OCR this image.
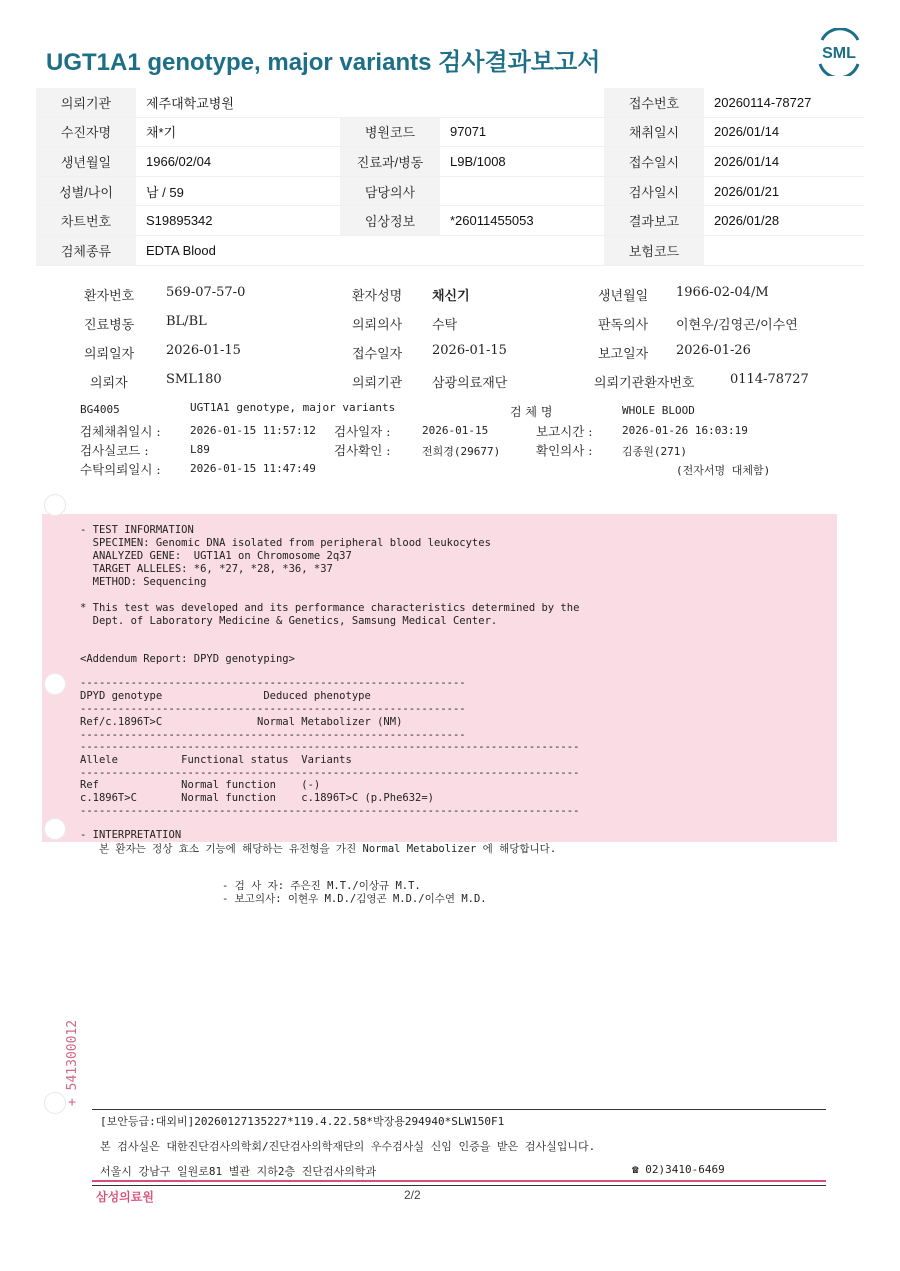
UGT1A1 genotype, major variants 검사결과보고서	SML
의뢰기관	제주대학교병원			접수번호	20260114-78727
수진자명	채*기	병원코드	97071	채취일시	2026/01/14
생년월일	1966/02/04	진료과/병동	L9B/1008	접수일시	2026/01/14
성별/나이	남 / 59	담당의사		검사일시	2026/01/21
차트번호	S19895342	임상정보	*26011455053	결과보고	2026/01/28
검체종류	EDTA Blood			보험코드	
환자번호 569-07-57-0	환자성명 채신기	생년월일 1966-02-04/M
진료병동 BL/BL	의뢰의사 수탁	판독의사 이현우/김영곤/이수연
의뢰일자 2026-01-15	접수일자 2026-01-15	보고일자 2026-01-26
의뢰자	SML180	의뢰기관 삼광의료재단	의뢰기관환자번호	0114-78727
BG4005	UGT1A1 genotype, major variants	검 체 명	WHOLE BLOOD
검체채취일시 :	2026-01-15 11:57:12 검사일자 :	2026-01-15	보고시간 :	2026-01-26 16:03:19
검사실코드 :	L89	검사확인 :	전희경(29677)	확인의사 :	김종원(271)
수탁의뢰일시 :	2026-01-15 11:47:49	(전자서명 대체함)
- TEST INFORMATION
SPECIMEN: Genomic DNA isolated from peripheral blood leukocytes
ANALYZED GENE:  UGT1A1 on Chromosome 2q37
TARGET ALLELES: *6, *27, *28, *36, *37
METHOD: Sequencing
* This test was developed and its performance characteristics determined by the
Dept. of Laboratory Medicine & Genetics, Samsung Medical Center.
<Addendum Report: DPYD genotyping>
-------------------------------------------------------------
DPYD genotype                Deduced phenotype
-------------------------------------------------------------
Ref/c.1896T>C               Normal Metabolizer (NM)
-------------------------------------------------------------
-------------------------------------------------------------------------------
Allele          Functional status  Variants
-------------------------------------------------------------------------------
Ref             Normal function    (-)
c.1896T>C       Normal function    c.1896T>C (p.Phe632=)
-------------------------------------------------------------------------------
- INTERPRETATION
본 환자는 정상 효소 기능에 해당하는 유전형을 가진 Normal Metabolizer 에 해당합니다.
- 검 사 자: 주은진 M.T./이상규 M.T.
- 보고의사: 이현우 M.D./김영곤 M.D./이수연 M.D.
+ 541300012
[보안등급:대외비]20260127135227*119.4.22.58*박장용294940*SLW150F1
본 검사실은 대한진단검사의학회/진단검사의학재단의 우수검사실 신임 인증을 받은 검사실입니다.
서울시 강남구 일원로81 별관 지하2층 진단검사의학과	☎ 02)3410-6469
삼성의료원	2/2
